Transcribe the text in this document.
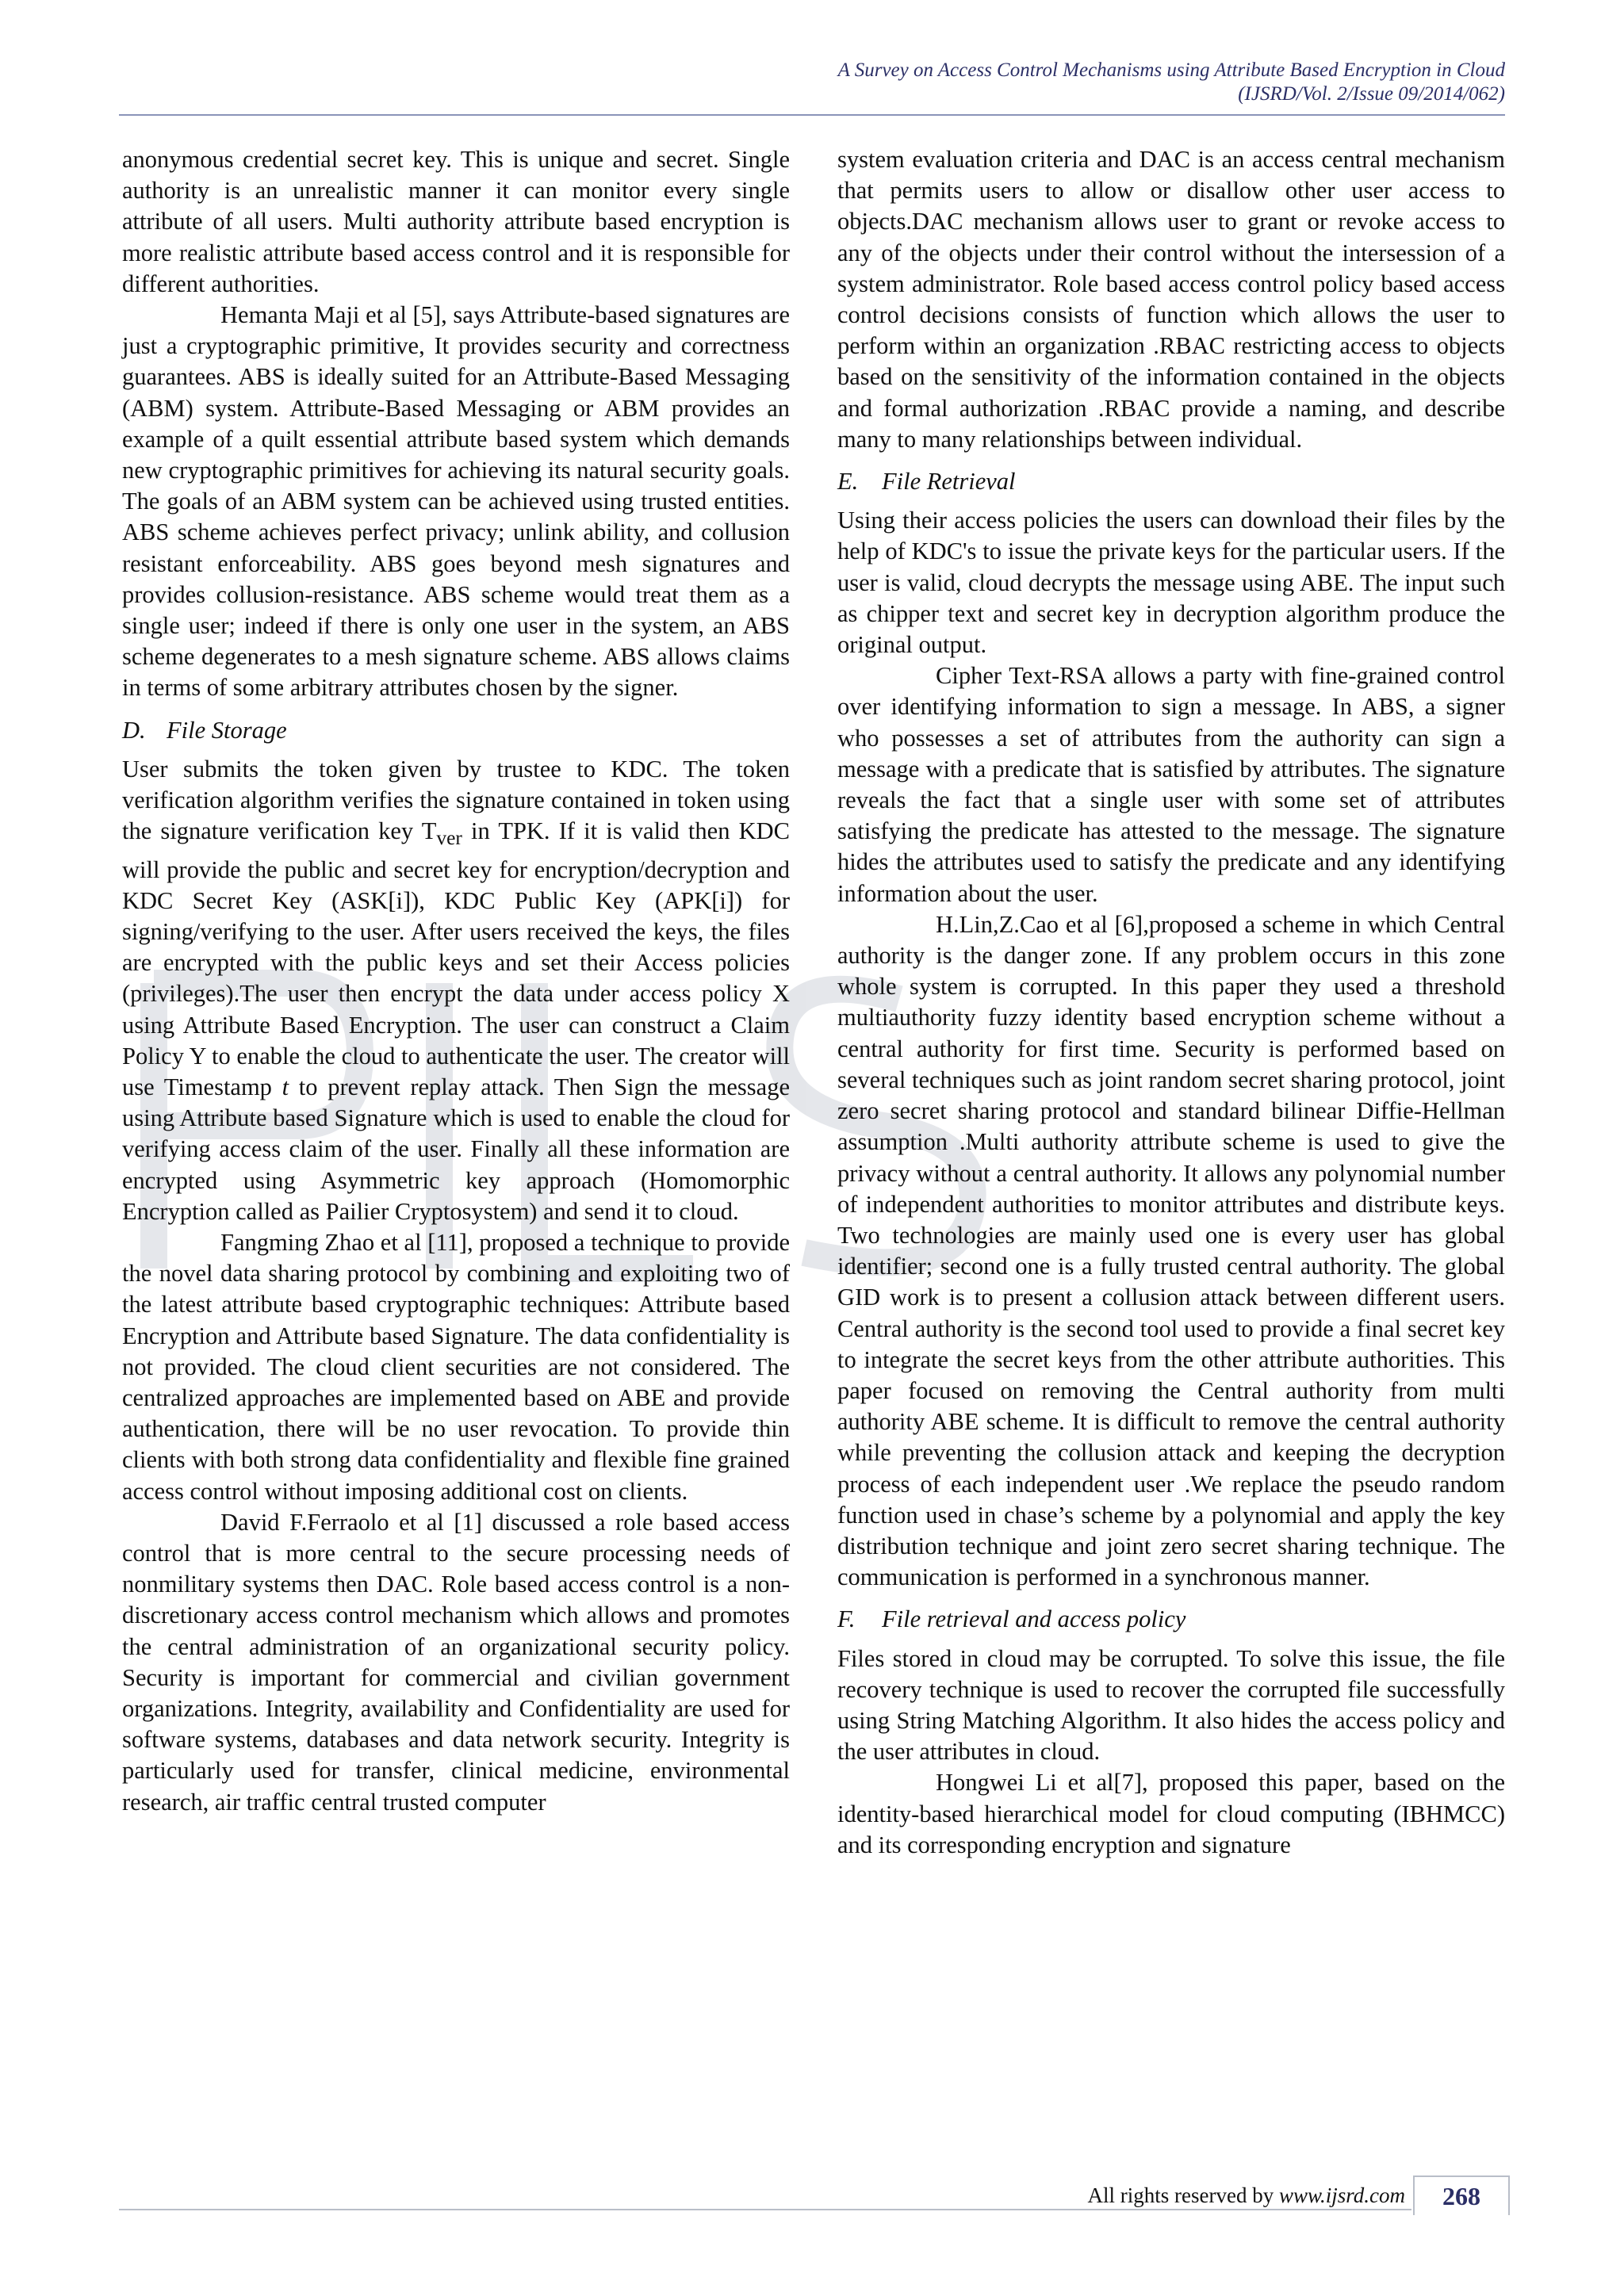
A Survey on Access Control Mechanisms using Attribute Based Encryption in Cloud
(IJSRD/Vol. 2/Issue 09/2014/062)

anonymous credential secret key. This is unique and secret. Single authority is an unrealistic manner it can monitor every single attribute of all users. Multi authority attribute based encryption is more realistic attribute based access control and it is responsible for different authorities.

Hemanta Maji et al [5], says Attribute-based signatures are just a cryptographic primitive, It provides security and correctness guarantees. ABS is ideally suited for an Attribute-Based Messaging (ABM) system. Attribute-Based Messaging or ABM provides an example of a quilt essential attribute based system which demands new cryptographic primitives for achieving its natural security goals. The goals of an ABM system can be achieved using trusted entities. ABS scheme achieves perfect privacy; unlink ability, and collusion resistant enforceability. ABS goes beyond mesh signatures and provides collusion-resistance. ABS scheme would treat them as a single user; indeed if there is only one user in the system, an ABS scheme degenerates to a mesh signature scheme. ABS allows claims in terms of some arbitrary attributes chosen by the signer.

D. File Storage

User submits the token given by trustee to KDC. The token verification algorithm verifies the signature contained in token using the signature verification key $T_{ver}$ in TPK. If it is valid then KDC will provide the public and secret key for encryption/decryption and KDC Secret Key (ASK[i]), KDC Public Key (APK[i]) for signing/verifying to the user. After users received the keys, the files are encrypted with the public keys and set their Access policies (privileges).The user then encrypt the data under access policy X using Attribute Based Encryption. The user can construct a Claim Policy Y to enable the cloud to authenticate the user. The creator will use Timestamp t to prevent replay attack. Then Sign the message using Attribute based Signature which is used to enable the cloud for verifying access claim of the user. Finally all these information are encrypted using Asymmetric key approach (Homomorphic Encryption called as Pailier Cryptosystem) and send it to cloud.

Fangming Zhao et al [11], proposed a technique to provide the novel data sharing protocol by combining and exploiting two of the latest attribute based cryptographic techniques: Attribute based Encryption and Attribute based Signature. The data confidentiality is not provided. The cloud client securities are not considered. The centralized approaches are implemented based on ABE and provide authentication, there will be no user revocation. To provide thin clients with both strong data confidentiality and flexible fine grained access control without imposing additional cost on clients.

David F.Ferraolo et al [1] discussed a role based access control that is more central to the secure processing needs of nonmilitary systems then DAC. Role based access control is a non-discretionary access control mechanism which allows and promotes the central administration of an organizational security policy. Security is important for commercial and civilian government organizations. Integrity, availability and Confidentiality are used for software systems, databases and data network security. Integrity is particularly used for transfer, clinical medicine, environmental research, air traffic central trusted computer

system evaluation criteria and DAC is an access central mechanism that permits users to allow or disallow other user access to objects.DAC mechanism allows user to grant or revoke access to any of the objects under their control without the intersession of a system administrator. Role based access control policy based access control decisions consists of function which allows the user to perform within an organization .RBAC restricting access to objects based on the sensitivity of the information contained in the objects and formal authorization .RBAC provide a naming, and describe many to many relationships between individual.

E. File Retrieval

Using their access policies the users can download their files by the help of KDC's to issue the private keys for the particular users. If the user is valid, cloud decrypts the message using ABE. The input such as chipper text and secret key in decryption algorithm produce the original output.

Cipher Text-RSA allows a party with fine-grained control over identifying information to sign a message. In ABS, a signer who possesses a set of attributes from the authority can sign a message with a predicate that is satisfied by attributes. The signature reveals the fact that a single user with some set of attributes satisfying the predicate has attested to the message. The signature hides the attributes used to satisfy the predicate and any identifying information about the user.

H.Lin,Z.Cao et al [6],proposed a scheme in which Central authority is the danger zone. If any problem occurs in this zone whole system is corrupted. In this paper they used a threshold multiauthority fuzzy identity based encryption scheme without a central authority for first time. Security is performed based on several techniques such as joint random secret sharing protocol, joint zero secret sharing protocol and standard bilinear Diffie-Hellman assumption .Multi authority attribute scheme is used to give the privacy without a central authority. It allows any polynomial number of independent authorities to monitor attributes and distribute keys. Two technologies are mainly used one is every user has global identifier; second one is a fully trusted central authority. The global GID work is to present a collusion attack between different users. Central authority is the second tool used to provide a final secret key to integrate the secret keys from the other attribute authorities. This paper focused on removing the Central authority from multi authority ABE scheme. It is difficult to remove the central authority while preventing the collusion attack and keeping the decryption process of each independent user .We replace the pseudo random function used in chase’s scheme by a polynomial and apply the key distribution technique and joint zero secret sharing technique. The communication is performed in a synchronous manner.

F. File retrieval and access policy

Files stored in cloud may be corrupted. To solve this issue, the file recovery technique is used to recover the corrupted file successfully using String Matching Algorithm. It also hides the access policy and the user attributes in cloud.

Hongwei Li et al[7], proposed this paper, based on the identity-based hierarchical model for cloud computing (IBHMCC) and its corresponding encryption and signature

All rights reserved by www.ijsrd.com	268
